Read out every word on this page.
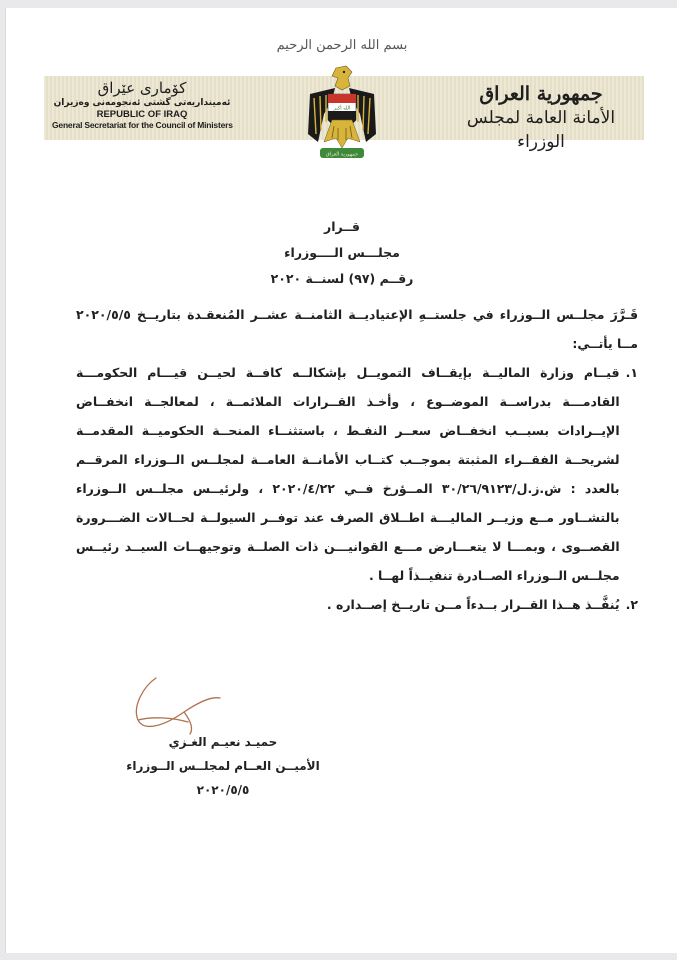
بسم الله الرحمن الرحيم
كۆماری عێراق
ئه‌مینداریه‌تی گشتی ئه‌نجومه‌نی وه‌زیران
REPUBLIC OF IRAQ
General Secretariat for the Council of Ministers
جمهورية العراق
الأمانة العامة لمجلس الوزراء
الله أكبر
جمهورية العراق
قــرار
مجلـــس الــــوزراء
رقــم (٩٧) لسنــة ٢٠٢٠

قَـرَّرَ مجلــس الــوزراء في جلستــهِ الإعتياديــة الثامنــة عشــر المُنعقـدة بتاريــخ ٢٠٢٠/٥/٥ مــا يأتــي:

١.
قيــام وزارة الماليــة بإيقــاف التمويــل بإشكالــه كافــة لحيــن قيـــام الحكومـــة القادمـــة بدراســة الموضــوع ، وأخـذ القــرارات الملائمــة ، لمعالجــة انخفــاض الإيــرادات بسبــب انخفــاض سعــر النفـط ، باستثنــاء المنحــة الحكوميــة المقدمــة لشريحــة الفقــراء المثبتة بموجــب كتــاب الأمانــة العامــة لمجلــس الــوزراء المرقــم بالعدد : ش.ز.ل/٣٠/٢٦/٩١٢٣ المــؤرخ فــي ٢٠٢٠/٤/٢٢ ، ولرئيــس مجلــس الــوزراء بالتشــاور مــع وزيــر الماليـــة اطــلاق الصرف عند توفــر السيولــة لحــالات الضـــرورة القصــوى ، وبمـــا لا يتعـــارض مـــع القوانيـــن ذات الصلــة وتوجيهــات السيــد رئيــس مجلــس الــوزراء الصــادرة تنفيــذاً لهــا .
٢.
يُنفَّــذ هــذا القــرار بــدءاً مــن تاريــخ إصــداره .
حميـد نعيـم الغـزي
الأميــن العــام لمجلــس الــوزراء
٢٠٢٠/٥/٥
